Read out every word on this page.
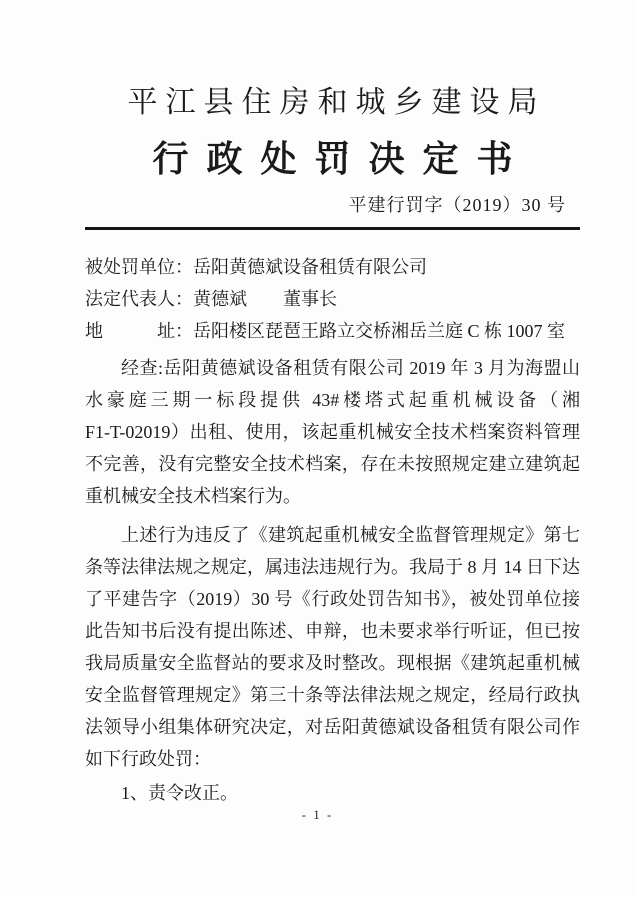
平江县住房和城乡建设局
行政处罚决定书
平建行罚字（2019）30 号
被处罚单位：岳阳黄德斌设备租赁有限公司
法定代表人：黄德斌　　董事长
地　　　址：岳阳楼区琵琶王路立交桥湘岳兰庭 C 栋 1007 室
经查:岳阳黄德斌设备租赁有限公司 2019 年 3 月为海盟山
水豪庭三期一标段提供 43#楼塔式起重机械设备（湘
F1-T-02019）出租、使用，该起重机械安全技术档案资料管理
不完善，没有完整安全技术档案，存在未按照规定建立建筑起
重机械安全技术档案行为。
上述行为违反了《建筑起重机械安全监督管理规定》第七
条等法律法规之规定，属违法违规行为。我局于 8 月 14 日下达
了平建告字（2019）30 号《行政处罚告知书》，被处罚单位接
此告知书后没有提出陈述、申辩，也未要求举行听证，但已按
我局质量安全监督站的要求及时整改。现根据《建筑起重机械
安全监督管理规定》第三十条等法律法规之规定，经局行政执
法领导小组集体研究决定，对岳阳黄德斌设备租赁有限公司作
如下行政处罚：
1、责令改正。
- 1 -
